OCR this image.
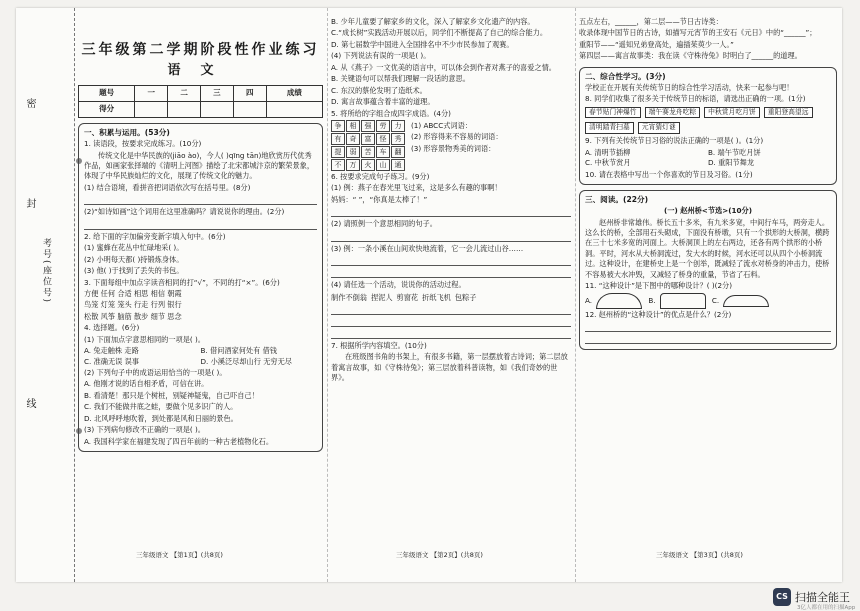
密
封
考号(座位号)
线
三年级第二学期阶段性作业练习
语文
题号	一	二	三	四	成绩
得分					
一、积累与运用。(53分)
1. 读语段，按要求完成练习。(10分)
传统文化是中华民族的(jiāo ào)，今人( )qīng tān)地欣赏历代优秀作品，如画家张择端的《清明上河图》描绘了北宋都城汴京的繁荣景象，体现了中华民族灿烂的文化，展现了传统文化的魅力。
(1) 结合语境，看拼音把词语依次写在括号里。(8分)
(2)“如诗如画”这个词用在这里准确吗？请说说你的理由。(2分)
2. 给下面的字加偏旁变新字填入句中。(6分)
(1) 蜜蜂在花丛中忙碌地采( )。
(2) 小明每天都( )持锻炼身体。
(3) 他( )于找到了丢失的书包。
3. 下面每组中加点字读音相同的打“√”，不同的打“×”。(6分)
方便 任何 合适 相思 相信 朝霞
鸟笼 灯笼 笼头 行走 行列 银行
松散 风筝 脑筋 散步 细节 思念
4. 选择题。(6分)
(1) 下面加点字意思相同的一项是( )。
A. 兔走触株 走路	B. 借问酒家何处有 借钱
C. 准确无误 误事	D. 小溪泛尽却山行 无穷无尽
(2) 下列句子中的成语运用恰当的一项是( )。
A. 他刚才说的话自相矛盾，可信在讲。
B. 看清楚！那只是个树桩，别疑神疑鬼，自己吓自己！
C. 我们不能做井底之蛙，要做个见多识广的人。
D. 北风呼呼地吹着，到处都是风和日丽的景色。
(3) 下列病句修改不正确的一项是( )。
A. 我国科学家在福建发现了四百年前的一种古老植物化石。
B. 少年儿童要了解家乡的文化，深入了解家乡文化遗产的内容。
C.“成长树”实践活动开展以后，同学们不断提高了自己的综合能力。
D. 第七届数学中国进入全国排名中不少市民参加了观赛。
(4) 下列说法有误的一项是( )。
A. 从《燕子》一文优美的语言中，可以体会到作者对燕子的喜爱之情。
B. 关键语句可以帮我们理解一段话的意思。
C. 东汉的蔡伦发明了造纸术。
D. 寓言故事蕴含着丰富的道理。
5. 将所给的字组合成四字成语。(4分)
争	相	强	劳	力
有	奇	富	怪	秀
提	弱	苦	车	翻
不	万	火	山	通
(1) ABCC式词语：
(2) 形容得来不容易的词语：
(3) 形容景物秀美的词语：
6. 按要求完成句子练习。(9分)
(1) 例：燕子在春光里飞过来，这是多么有趣的事啊！
妈妈：“ ”，“你真是太棒了！”
(2) 请照例一个意思相同的句子。
(3) 例：一条小溪在山间欢快地流着，它一会儿流过山谷……
(4) 请任选一个活动，说说你的活动过程。
制作不倒翁 捏泥人 剪窗花 折纸飞机 包粽子
7. 根据所学内容填空。(10分)
在班级图书角的书架上，有很多书籍，第一层摆放着古诗词；第二层放着寓言故事，如《守株待兔》；第三层放着科普读物，如《我们奇妙的世界》。
五点左右，______，第二层——节日古诗类：
收录体现中国节日的古诗，如描写元宵节的王安石《元日》中的“______”；
重阳节——“遥知兄弟登高处，遍插茱萸少一人。”
第四层——寓言故事类：我在读《守株待兔》时明白了______的道理。
二、综合性学习。(3分)
学校正在开展有关传统节日的综合性学习活动，快来一起参与吧！
8. 同学们收集了很多关于传统节日的标语，请选出正确的一项。(1分)
春节贴门神爆竹	端午赛龙舟吃粽	中秋赏月吃月饼	重阳登高望远
清明踏青扫墓	元宵猜灯谜
9. 下列有关传统节日习俗的说法正确的一项是( )。(1分)
A. 清明节插柳	B. 端午节吃月饼
C. 中秋节赏月	D. 重阳节舞龙
10. 请在表格中写出一个你喜欢的节日及习俗。(1分)
三、阅读。(22分)
(一) 赵州桥<节选>(10分)
赵州桥非常雄伟。桥长五十多米，有九米多宽，中间行车马，两旁走人。这么长的桥，全部用石头砌成，下面没有桥墩，只有一个拱形的大桥洞，横跨在三十七米多宽的河面上。大桥洞顶上的左右两边，还各有两个拱形的小桥洞。平时，河水从大桥洞流过，发大水的时候，河水还可以从四个小桥洞流过。这种设计，在建桥史上是一个创举，既减轻了流水对桥身的冲击力，使桥不容易被大水冲毁，又减轻了桥身的重量，节省了石料。
11. “这种设计”是下图中的哪种设计？( )(2分)
A.	B.	C.
12. 赵州桥的“这种设计”的优点是什么？(2分)
三年级语文 【第1页】(共8页)	三年级语文 【第2页】(共8页)	三年级语文 【第3页】(共8页)
CS 扫描全能王
3亿人都在用的扫描App
